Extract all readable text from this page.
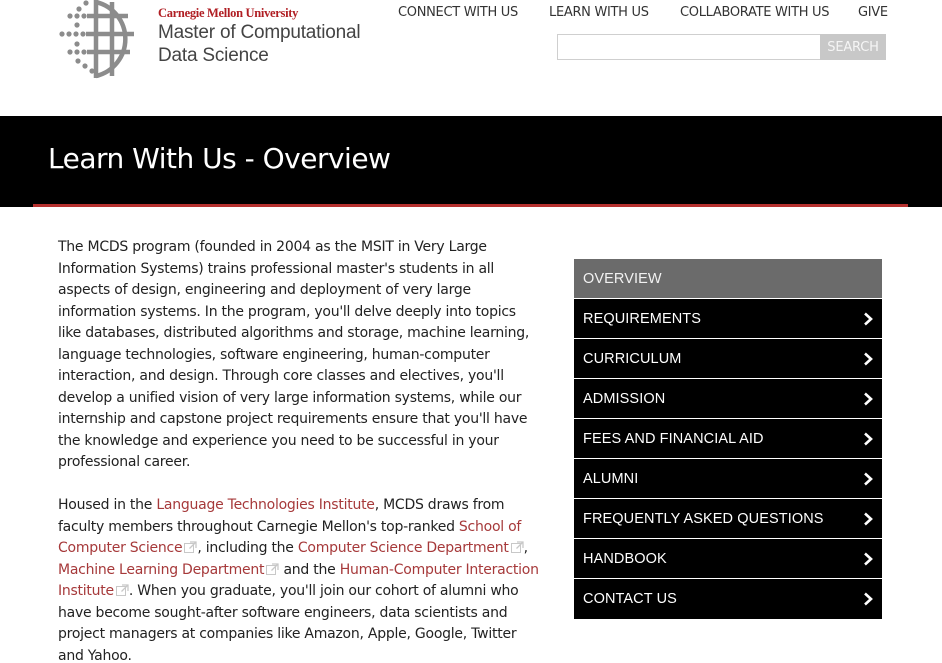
Carnegie Mellon University
Master of Computational
Data Science
CONNECT WITH US LEARN WITH US COLLABORATE WITH US GIVE
SEARCH
Learn With Us - Overview

The MCDS program (founded in 2004 as the MSIT in Very Large Information Systems) trains professional master's students in all aspects of design, engineering and deployment of very large information systems. In the program, you'll delve deeply into topics like databases, distributed algorithms and storage, machine learning, language technologies, software engineering, human-computer interaction, and design. Through core classes and electives, you'll develop a unified vision of very large information systems, while our internship and capstone project requirements ensure that you'll have the knowledge and experience you need to be successful in your professional career.

Housed in the Language Technologies Institute, MCDS draws from faculty members throughout Carnegie Mellon's top-ranked School of Computer Science , including the Computer Science Department , Machine Learning Department and the Human-Computer Interaction Institute . When you graduate, you'll join our cohort of alumni who have become sought-after software engineers, data scientists and project managers at companies like Amazon, Apple, Google, Twitter and Yahoo.

OVERVIEW
REQUIREMENTS
CURRICULUM
ADMISSION
FEES AND FINANCIAL AID
ALUMNI
FREQUENTLY ASKED QUESTIONS
HANDBOOK
CONTACT US
